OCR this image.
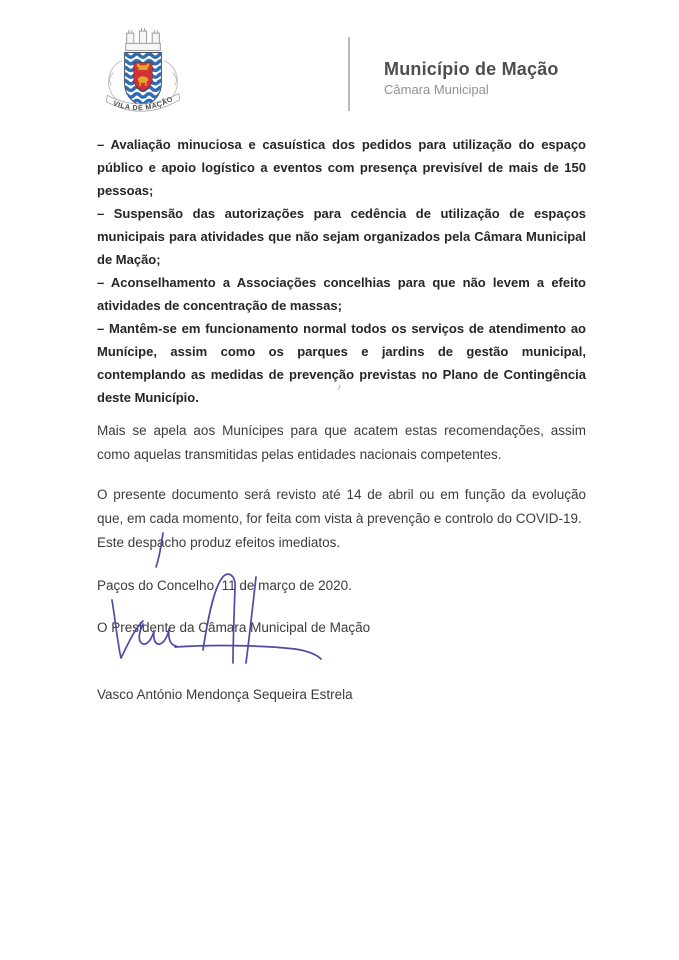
VILA DE MAÇÃO
Município de Mação
Câmara Municipal

– Avaliação minuciosa e casuística dos pedidos para utilização do espaço público e apoio logístico a eventos com presença previsível de mais de 150 pessoas;

– Suspensão das autorizações para cedência de utilização de espaços municipais para atividades que não sejam organizados pela Câmara Municipal de Mação;

– Aconselhamento a Associações concelhias para que não levem a efeito atividades de concentração de massas;

– Mantêm-se em funcionamento normal todos os serviços de atendimento ao Munícipe, assim como os parques e jardins de gestão municipal, contemplando as medidas de prevenção previstas no Plano de Contingência deste Município.

Mais se apela aos Munícipes para que acatem estas recomendações, assim como aquelas transmitidas pelas entidades nacionais competentes.

O presente documento será revisto até 14 de abril ou em função da evolução que, em cada momento, for feita com vista à prevenção e controlo do COVID-19.

Este despacho produz efeitos imediatos.

Paços do Concelho, 11 de março de 2020.

O Presidente da Câmara Municipal de Mação

Vasco António Mendonça Sequeira Estrela
